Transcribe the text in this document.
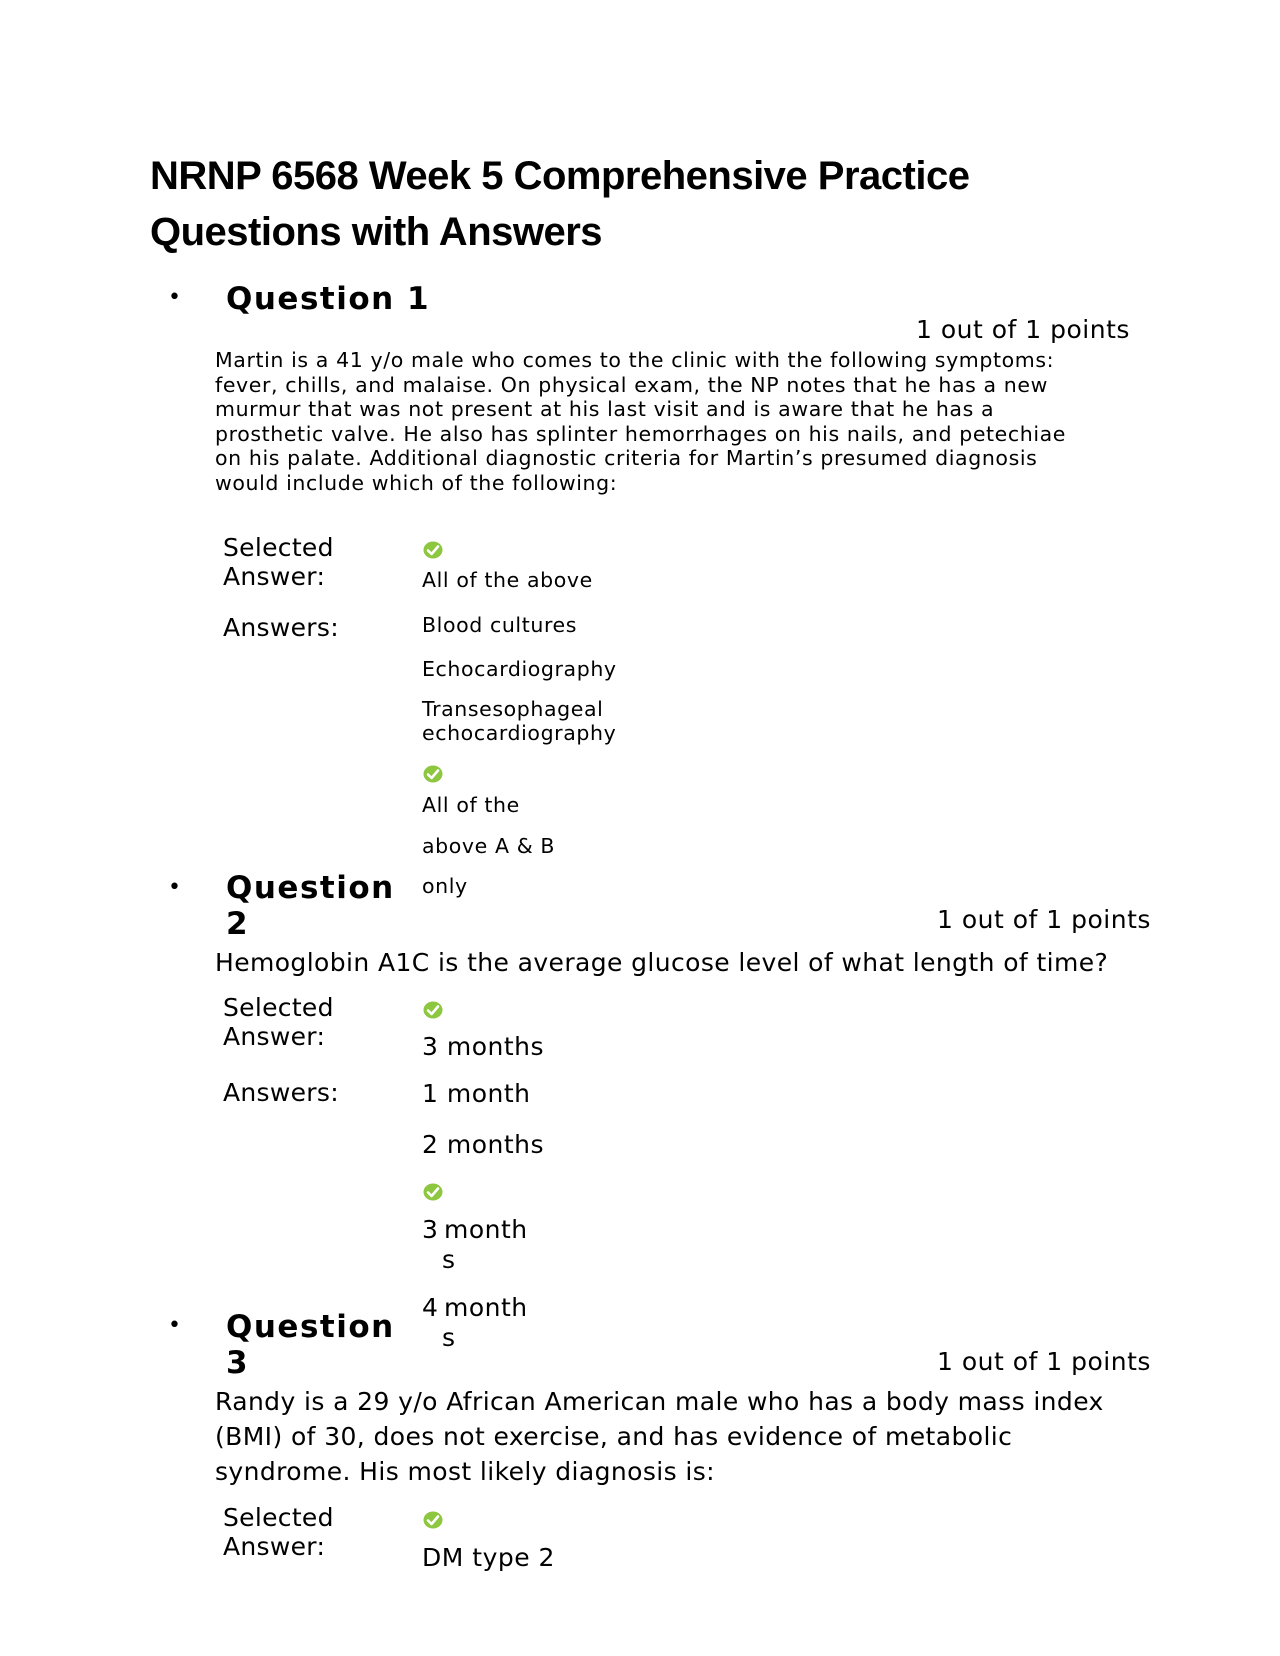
NRNP 6568 Week 5 Comprehensive Practice
Questions with Answers
• Question 1
1 out of 1 points
Martin is a 41 y/o male who comes to the clinic with the following symptoms:
fever, chills, and malaise. On physical exam, the NP notes that he has a new
murmur that was not present at his last visit and is aware that he has a
prosthetic valve. He also has splinter hemorrhages on his nails, and petechiae
on his palate. Additional diagnostic criteria for Martin’s presumed diagnosis
would include which of the following:
Selected
Answer:	All of the above
Answers:	Blood cultures
Echocardiography
Transesophageal
echocardiography
All of the
above A & B
only
• Question
2	1 out of 1 points
Hemoglobin A1C is the average glucose level of what length of time?
Selected
Answer:	3 months
Answers:	1 month
2 months
3 month
s
4 month
s
• Question
3	1 out of 1 points
Randy is a 29 y/o African American male who has a body mass index
(BMI) of 30, does not exercise, and has evidence of metabolic
syndrome. His most likely diagnosis is:
Selected
Answer:	DM type 2
